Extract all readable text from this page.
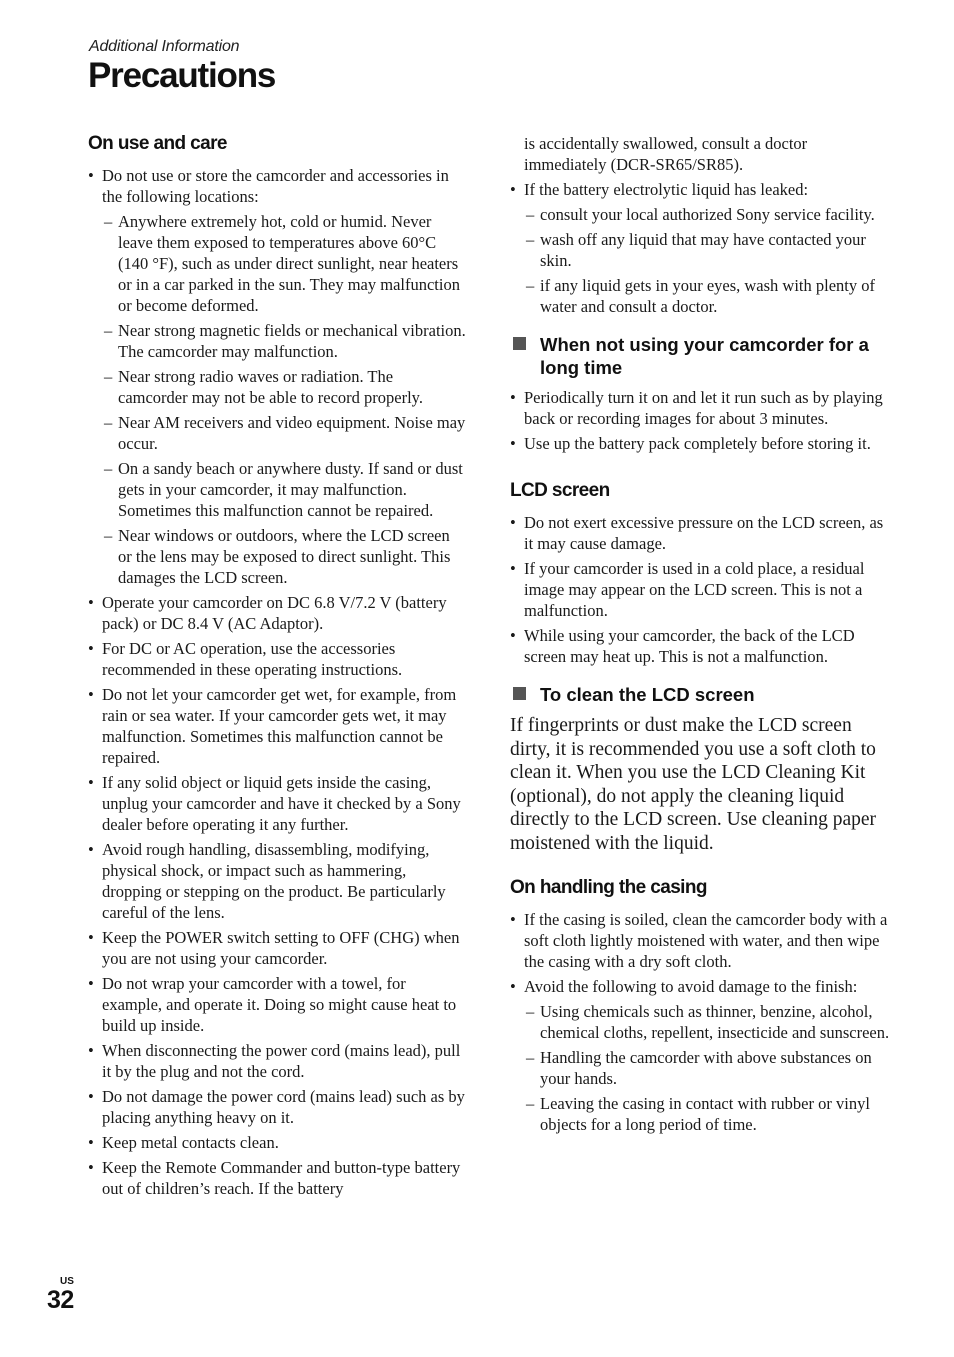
Additional Information
Precautions
On use and care
• Do not use or store the camcorder and accessories in the following locations:
– Anywhere extremely hot, cold or humid. Never leave them exposed to temperatures above 60°C (140 °F), such as under direct sunlight, near heaters or in a car parked in the sun. They may malfunction or become deformed.
– Near strong magnetic fields or mechanical vibration. The camcorder may malfunction.
– Near strong radio waves or radiation. The camcorder may not be able to record properly.
– Near AM receivers and video equipment. Noise may occur.
– On a sandy beach or anywhere dusty. If sand or dust gets in your camcorder, it may malfunction. Sometimes this malfunction cannot be repaired.
– Near windows or outdoors, where the LCD screen or the lens may be exposed to direct sunlight. This damages the LCD screen.
• Operate your camcorder on DC 6.8 V/7.2 V (battery pack) or DC 8.4 V (AC Adaptor).
• For DC or AC operation, use the accessories recommended in these operating instructions.
• Do not let your camcorder get wet, for example, from rain or sea water. If your camcorder gets wet, it may malfunction. Sometimes this malfunction cannot be repaired.
• If any solid object or liquid gets inside the casing, unplug your camcorder and have it checked by a Sony dealer before operating it any further.
• Avoid rough handling, disassembling, modifying, physical shock, or impact such as hammering, dropping or stepping on the product. Be particularly careful of the lens.
• Keep the POWER switch setting to OFF (CHG) when you are not using your camcorder.
• Do not wrap your camcorder with a towel, for example, and operate it. Doing so might cause heat to build up inside.
• When disconnecting the power cord (mains lead), pull it by the plug and not the cord.
• Do not damage the power cord (mains lead) such as by placing anything heavy on it.
• Keep metal contacts clean.
• Keep the Remote Commander and button-type battery out of children’s reach. If the battery
is accidentally swallowed, consult a doctor immediately (DCR-SR65/SR85).
• If the battery electrolytic liquid has leaked:
– consult your local authorized Sony service facility.
– wash off any liquid that may have contacted your skin.
– if any liquid gets in your eyes, wash with plenty of water and consult a doctor.
When not using your camcorder for a long time
• Periodically turn it on and let it run such as by playing back or recording images for about 3 minutes.
• Use up the battery pack completely before storing it.
LCD screen
• Do not exert excessive pressure on the LCD screen, as it may cause damage.
• If your camcorder is used in a cold place, a residual image may appear on the LCD screen. This is not a malfunction.
• While using your camcorder, the back of the LCD screen may heat up. This is not a malfunction.
To clean the LCD screen

If fingerprints or dust make the LCD screen dirty, it is recommended you use a soft cloth to clean it. When you use the LCD Cleaning Kit (optional), do not apply the cleaning liquid directly to the LCD screen. Use cleaning paper moistened with the liquid.

On handling the casing
• If the casing is soiled, clean the camcorder body with a soft cloth lightly moistened with water, and then wipe the casing with a dry soft cloth.
• Avoid the following to avoid damage to the finish:
– Using chemicals such as thinner, benzine, alcohol, chemical cloths, repellent, insecticide and sunscreen.
– Handling the camcorder with above substances on your hands.
– Leaving the casing in contact with rubber or vinyl objects for a long period of time.
US
32
